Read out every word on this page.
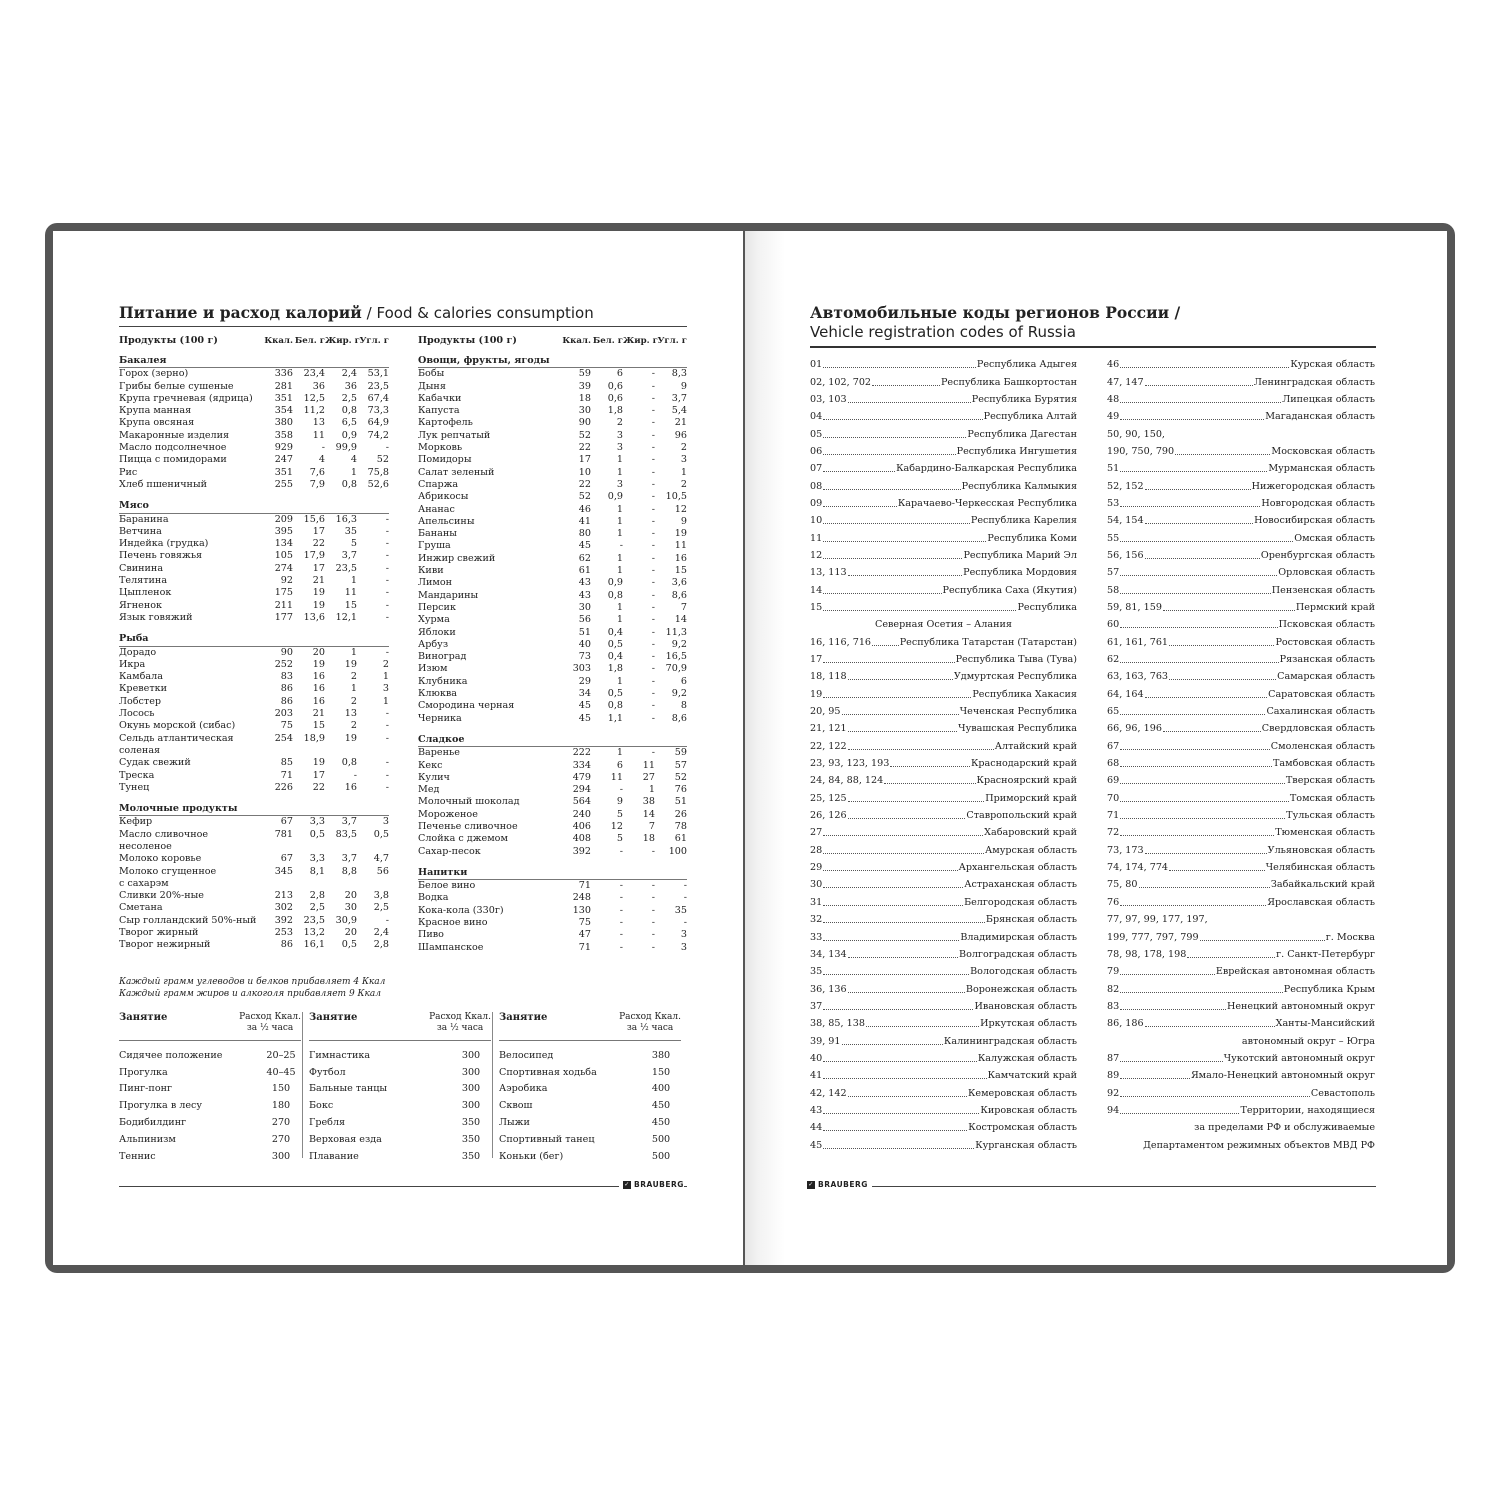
Питание и расход калорий / Food & calories consumption
Продукты (100 г)	Ккал. Бел. г Жир. г Угл. г
Бакалея
Горох (зерно)	336	23,4	2,4	53,1
Грибы белые сушеные	281	36	36	23,5
Крупа гречневая (ядрица)	351	12,5	2,5	67,4
Крупа манная	354	11,2	0,8	73,3
Крупа овсяная	380	13	6,5	64,9
Макаронные изделия	358	11	0,9	74,2
Масло подсолнечное	929	-	99,9	-
Пицца с помидорами	247	4	4	52
Рис	351	7,6	1	75,8
Хлеб пшеничный	255	7,9	0,8	52,6
Мясо
Баранина	209	15,6	16,3	-
Ветчина	395	17	35	-
Индейка (грудка)	134	22	5	-
Печень говяжья	105	17,9	3,7	-
Свинина	274	17	23,5	-
Телятина	92	21	1	-
Цыпленок	175	19	11	-
Ягненок	211	19	15	-
Язык говяжий	177	13,6	12,1	-
Рыба
Дорадо	90	20	1	-
Икра	252	19	19	2
Камбала	83	16	2	1
Креветки	86	16	1	3
Лобстер	86	16	2	1
Лосось	203	21	13	-
Окунь морской (сибас)	75	15	2	-
Сельдь атлантическая	254	18,9	19	-
соленая
Судак свежий	85	19	0,8	-
Треска	71	17	-	-
Тунец	226	22	16	-
Молочные продукты
Кефир	67	3,3	3,7	3
Масло сливочное	781	0,5	83,5	0,5
несоленое
Молоко коровье	67	3,3	3,7	4,7
Молоко сгущенное	345	8,1	8,8	56
с сахарэм
Сливки 20%-ные	213	2,8	20	3,8
Сметана	302	2,5	30	2,5
Сыр голландский 50%-ный	392	23,5	30,9	-
Творог жирный	253	13,2	20	2,4
Творог нежирный	86	16,1	0,5	2,8
Продукты (100 г)	Ккал. Бел. г Жир. г Угл. г
Овощи, фрукты, ягоды
Бобы	59	6	-	8,3
Дыня	39	0,6	-	9
Кабачки	18	0,6	-	3,7
Капуста	30	1,8	-	5,4
Картофель	90	2	-	21
Лук репчатый	52	3	-	96
Морковь	22	3	-	2
Помидоры	17	1	-	3
Салат зеленый	10	1	-	1
Спаржа	22	3	-	2
Абрикосы	52	0,9	-	10,5
Ананас	46	1	-	12
Апельсины	41	1	-	9
Бананы	80	1	-	19
Груша	45	-	-	11
Инжир свежий	62	1	-	16
Киви	61	1	-	15
Лимон	43	0,9	-	3,6
Мандарины	43	0,8	-	8,6
Персик	30	1	-	7
Хурма	56	1	-	14
Яблоки	51	0,4	-	11,3
Арбуз	40	0,5	-	9,2
Виноград	73	0,4	-	16,5
Изюм	303	1,8	-	70,9
Клубника	29	1	-	6
Клюква	34	0,5	-	9,2
Смородина черная	45	0,8	-	8
Черника	45	1,1	-	8,6
Сладкое
Варенье	222	1	-	59
Кекс	334	6	11	57
Кулич	479	11	27	52
Мед	294	-	1	76
Молочный шоколад	564	9	38	51
Мороженое	240	5	14	26
Печенье сливочное	406	12	7	78
Слойка с джемом	408	5	18	61
Сахар-песок	392	-	-	100
Напитки
Белое вино	71	-	-	-
Водка	248	-	-	-
Кока-кола (330г)	130	-	-	35
Красное вино	75	-	-	-
Пиво	47	-	-	3
Шампанское	71	-	-	3
Каждый грамм углеводов и белков прибавляет 4 Ккал
Каждый грамм жиров и алкоголя прибавляет 9 Ккал
✓ BRAUBERG
Занятие	Расход Ккал.
за ½ часа
Сидячее положение	20–25
Прогулка	40–45
Пинг-понг	150
Прогулка в лесу	180
Бодибилдинг	270
Альпинизм	270
Теннис	300
Занятие	Расход Ккал.
за ½ часа
Гимнастика	300
Футбол	300
Бальные танцы	300
Бокс	300
Гребля	350
Верховая езда	350
Плавание	350
Занятие	Расход Ккал.
за ½ часа
Велосипед	380
Спортивная ходьба	150
Аэробика	400
Сквош	450
Лыжи	450
Спортивный танец	500
Коньки (бег)	500
Автомобильные коды регионов России /
Vehicle registration codes of Russia
01	Республика Адыгея
02, 102, 702	Республика Башкортостан
03, 103	Республика Бурятия
04	Республика Алтай
05	Республика Дагестан
06	Республика Ингушетия
07	Кабардино-Балкарская Республика
08	Республика Калмыкия
09	Карачаево-Черкесская Республика
10	Республика Карелия
11	Республика Коми
12	Республика Марий Эл
13, 113	Республика Мордовия
14	Республика Саха (Якутия)
15	Республика
Северная Осетия – Алания
16, 116, 716	Республика Татарстан (Татарстан)
17	Республика Тыва (Тува)
18, 118	Удмуртская Республика
19	Республика Хакасия
20, 95	Чеченская Республика
21, 121	Чувашская Республика
22, 122	Алтайский край
23, 93, 123, 193	Краснодарский край
24, 84, 88, 124	Красноярский край
25, 125	Приморский край
26, 126	Ставропольский край
27	Хабаровский край
28	Амурская область
29	Архангельская область
30	Астраханская область
31	Белгородская область
32	Брянская область
33	Владимирская область
34, 134	Волгоградская область
35	Вологодская область
36, 136	Воронежская область
37	Ивановская область
38, 85, 138	Иркутская область
39, 91	Калининградская область
40	Калужская область
41	Камчатский край
42, 142	Кемеровская область
43	Кировская область
44	Костромская область
45	Курганская область
46	Курская область
47, 147	Ленинградская область
48	Липецкая область
49	Магаданская область
50, 90, 150,
190, 750, 790	Московская область
51	Мурманская область
52, 152	Нижегородская область
53	Новгородская область
54, 154	Новосибирская область
55	Омская область
56, 156	Оренбургская область
57	Орловская область
58	Пензенская область
59, 81, 159	Пермский край
60	Псковская область
61, 161, 761	Ростовская область
62	Рязанская область
63, 163, 763	Самарская область
64, 164	Саратовская область
65	Сахалинская область
66, 96, 196	Свердловская область
67	Смоленская область
68	Тамбовская область
69	Тверская область
70	Томская область
71	Тульская область
72	Тюменская область
73, 173	Ульяновская область
74, 174, 774	Челябинская область
75, 80	Забайкальский край
76	Ярославская область
77, 97, 99, 177, 197,
199, 777, 797, 799	г. Москва
78, 98, 178, 198	г. Санкт-Петербург
79	Еврейская автономная область
82	Республика Крым
83	Ненецкий автономный округ
86, 186	Ханты-Мансийский
автономный округ – Югра
87	Чукотский автономный округ
89	Ямало-Ненецкий автономный округ
92	Севастополь
94	Территории, находящиеся
за пределами РФ и обслуживаемые
Департаментом режимных объектов МВД РФ
✓ BRAUBERG
